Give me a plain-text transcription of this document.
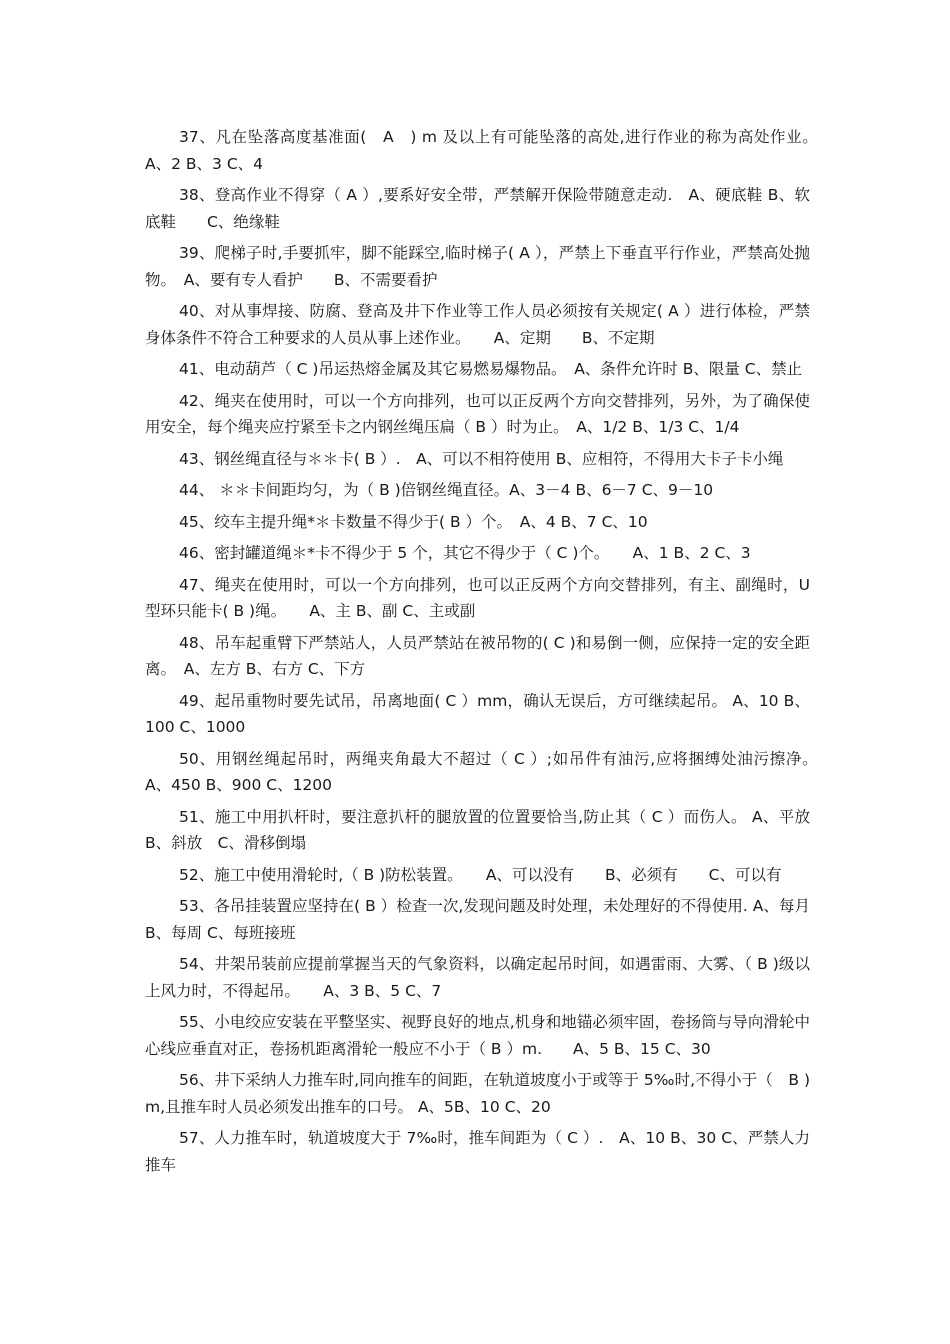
37、凡在坠落高度基准面(　A　) m 及以上有可能坠落的高处,进行作业的称为高处作业。　　A、2 B、3 C、4

38、登高作业不得穿（ A ）,要系好安全带，严禁解开保险带随意走动.　A、硬底鞋 B、软底鞋　　C、绝缘鞋

39、爬梯子时,手要抓牢，脚不能踩空,临时梯子( A ），严禁上下垂直平行作业，严禁高处抛物。　A、要有专人看护　　B、不需要看护

40、对从事焊接、防腐、登高及井下作业等工作人员必须按有关规定( A ）进行体检，严禁身体条件不符合工种要求的人员从事上述作业。　　A、定期　　B、不定期

41、电动葫芦（ C )吊运热熔金属及其它易燃易爆物品。　A、条件允许时 B、限量 C、禁止

42、绳夹在使用时，可以一个方向排列，也可以正反两个方向交替排列，另外，为了确保使用安全，每个绳夹应拧紧至卡之内钢丝绳压扁（ B ）时为止。　A、1/2 B、1/3 C、1/4

43、钢丝绳直径与＊＊卡( B ）.　A、可以不相符使用 B、应相符，不得用大卡子卡小绳

44、 ＊＊卡间距均匀，为（ B )倍钢丝绳直径。A、3－4 B、6－7 C、9－10

45、绞车主提升绳*＊卡数量不得少于( B ）个。　A、4 B、7 C、10

46、密封罐道绳＊*卡不得少于 5 个，其它不得少于（ C )个。　　A、1 B、2 C、3

47、绳夹在使用时，可以一个方向排列，也可以正反两个方向交替排列，有主、副绳时，U 型环只能卡( B )绳。　　A、主 B、副 C、主或副

48、吊车起重臂下严禁站人，人员严禁站在被吊物的( C )和易倒一侧，应保持一定的安全距离。　A、左方 B、右方 C、下方

49、起吊重物时要先试吊，吊离地面( C ）mm，确认无误后，方可继续起吊。 A、10 B、100 C、1000

50、用钢丝绳起吊时，两绳夹角最大不超过（ C ）;如吊件有油污,应将捆缚处油污擦净。　A、450 B、900 C、1200

51、施工中用扒杆时，要注意扒杆的腿放置的位置要恰当,防止其（ C ）而伤人。 A、平放　B、斜放　C、滑移倒塌

52、施工中使用滑轮时,（ B )防松装置。　　A、可以没有　　B、必须有　　C、可以有

53、各吊挂装置应坚持在( B ）检查一次,发现问题及时处理，未处理好的不得使用. A、每月 B、每周 C、每班接班

54、井架吊装前应提前掌握当天的气象资料，以确定起吊时间，如遇雷雨、大雾、（ B )级以上风力时，不得起吊。　　A、3 B、5 C、7

55、小电绞应安装在平整坚实、视野良好的地点,机身和地锚必须牢固，卷扬筒与导向滑轮中心线应垂直对正，卷扬机距离滑轮一般应不小于（ B ）m.　　A、5 B、15 C、30

56、井下采纳人力推车时,同向推车的间距，在轨道坡度小于或等于 5‰时,不得小于（　B )m,且推车时人员必须发出推车的口号。 A、5B、10 C、20

57、人力推车时，轨道坡度大于 7‰时，推车间距为（ C ）.　A、10 B、30 C、严禁人力推车
